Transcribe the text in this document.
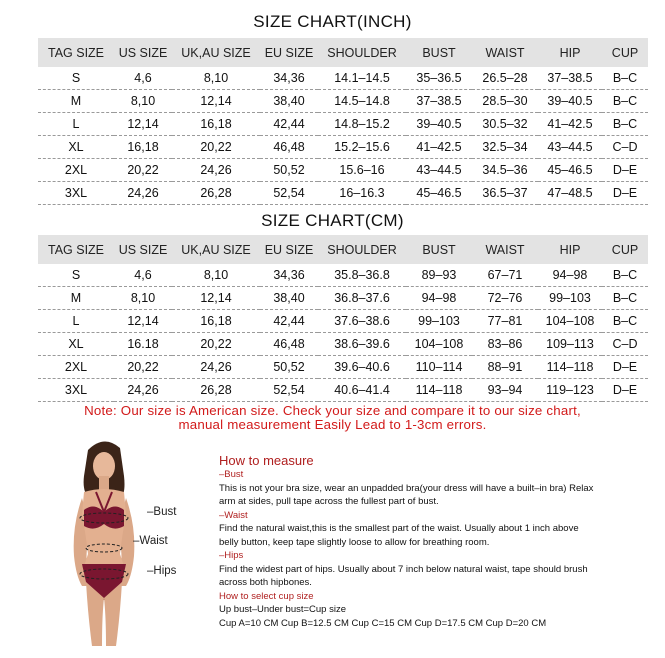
SIZE CHART(INCH)
TAG SIZE	US SIZE	UK,AU SIZE	EU SIZE	SHOULDER	BUST	WAIST	HIP	CUP
S	4,6	8,10	34,36	14.1–14.5	35–36.5	26.5–28	37–38.5	B–C
M	8,10	12,14	38,40	14.5–14.8	37–38.5	28.5–30	39–40.5	B–C
L	12,14	16,18	42,44	14.8–15.2	39–40.5	30.5–32	41–42.5	B–C
XL	16,18	20,22	46,48	15.2–15.6	41–42.5	32.5–34	43–44.5	C–D
2XL	20,22	24,26	50,52	15.6–16	43–44.5	34.5–36	45–46.5	D–E
3XL	24,26	26,28	52,54	16–16.3	45–46.5	36.5–37	47–48.5	D–E
SIZE CHART(CM)
TAG SIZE	US SIZE	UK,AU SIZE	EU SIZE	SHOULDER	BUST	WAIST	HIP	CUP
S	4,6	8,10	34,36	35.8–36.8	89–93	67–71	94–98	B–C
M	8,10	12,14	38,40	36.8–37.6	94–98	72–76	99–103	B–C
L	12,14	16,18	42,44	37.6–38.6	99–103	77–81	104–108	B–C
XL	16.18	20,22	46,48	38.6–39.6	104–108	83–86	109–113	C–D
2XL	20,22	24,26	50,52	39.6–40.6	110–114	88–91	114–118	D–E
3XL	24,26	26,28	52,54	40.6–41.4	114–118	93–94	119–123	D–E
Note: Our size is American size. Check your size and compare it to our size chart,
manual measurement Easily Lead to 1-3cm errors.
–Bust
–Waist
–Hips
How to measure
–Bust
This is not your bra size, wear an unpadded bra(your dress will have a built–in bra) Relax
arm at sides, pull tape across the fullest part of bust.
–Waist
Find the natural waist,this is the smallest part of the waist. Usually about 1 inch above
belly button, keep tape slightly loose to allow for breathing room.
–Hips
Find the widest part of hips. Usually about 7 inch below natural waist, tape should brush
across both hipbones.
How to select cup size
Up bust–Under bust=Cup size
Cup A=10 CM Cup B=12.5 CM Cup C=15 CM Cup D=17.5 CM Cup D=20 CM
